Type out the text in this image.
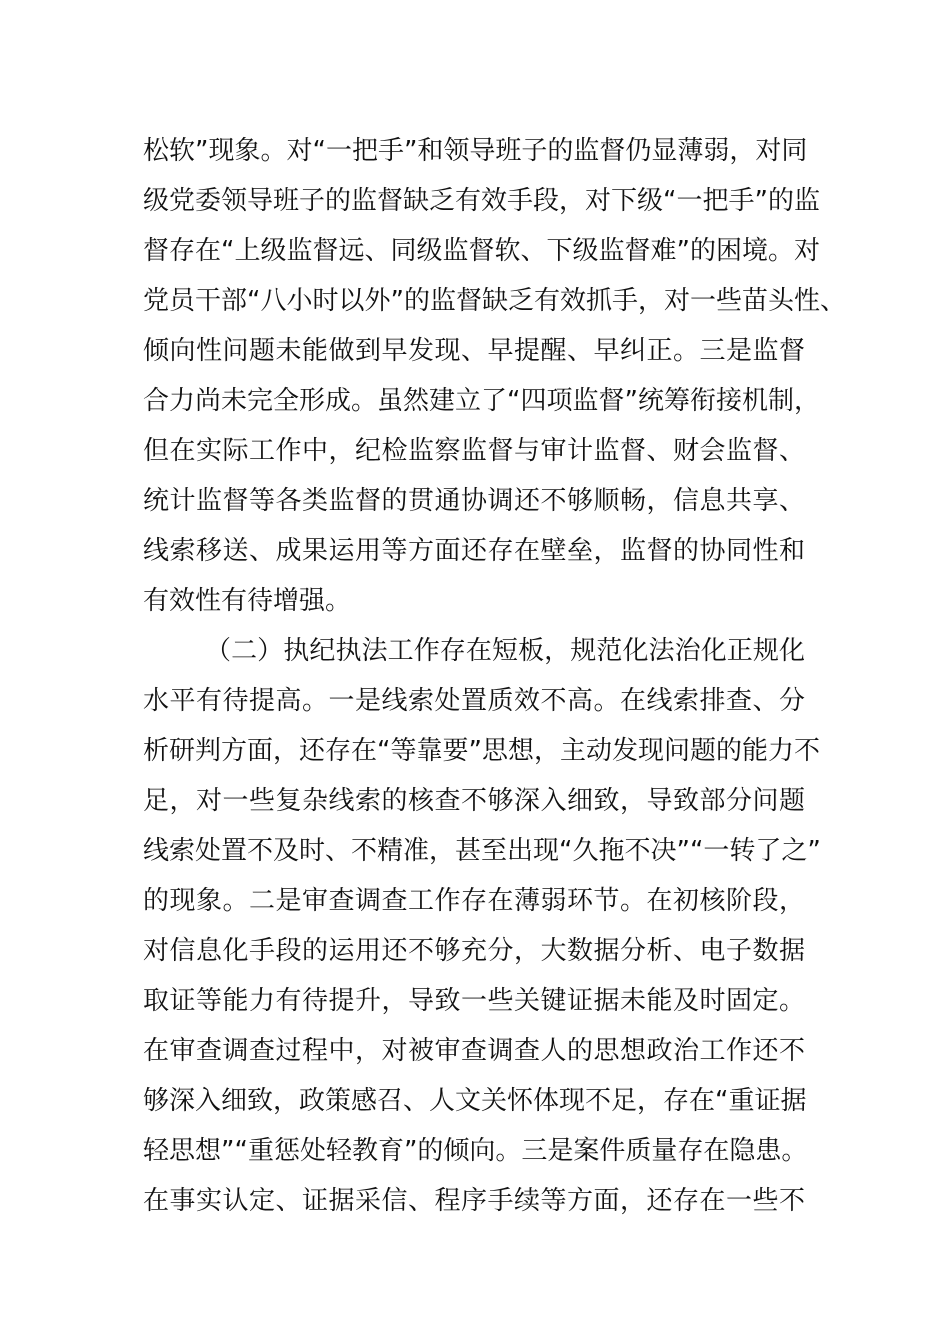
松软”现象。对“一把手”和领导班子的监督仍显薄弱，对同
级党委领导班子的监督缺乏有效手段，对下级“一把手”的监
督存在“上级监督远、同级监督软、下级监督难”的困境。对
党员干部“八小时以外”的监督缺乏有效抓手，对一些苗头性、
倾向性问题未能做到早发现、早提醒、早纠正。三是监督
合力尚未完全形成。虽然建立了“四项监督”统筹衔接机制，
但在实际工作中，纪检监察监督与审计监督、财会监督、
统计监督等各类监督的贯通协调还不够顺畅，信息共享、
线索移送、成果运用等方面还存在壁垒，监督的协同性和
有效性有待增强。
（二）执纪执法工作存在短板，规范化法治化正规化
水平有待提高。一是线索处置质效不高。在线索排查、分
析研判方面，还存在“等靠要”思想，主动发现问题的能力不
足，对一些复杂线索的核查不够深入细致，导致部分问题
线索处置不及时、不精准，甚至出现“久拖不决”“一转了之”
的现象。二是审查调查工作存在薄弱环节。在初核阶段，
对信息化手段的运用还不够充分，大数据分析、电子数据
取证等能力有待提升，导致一些关键证据未能及时固定。
在审查调查过程中，对被审查调查人的思想政治工作还不
够深入细致，政策感召、人文关怀体现不足，存在“重证据
轻思想”“重惩处轻教育”的倾向。三是案件质量存在隐患。
在事实认定、证据采信、程序手续等方面，还存在一些不
